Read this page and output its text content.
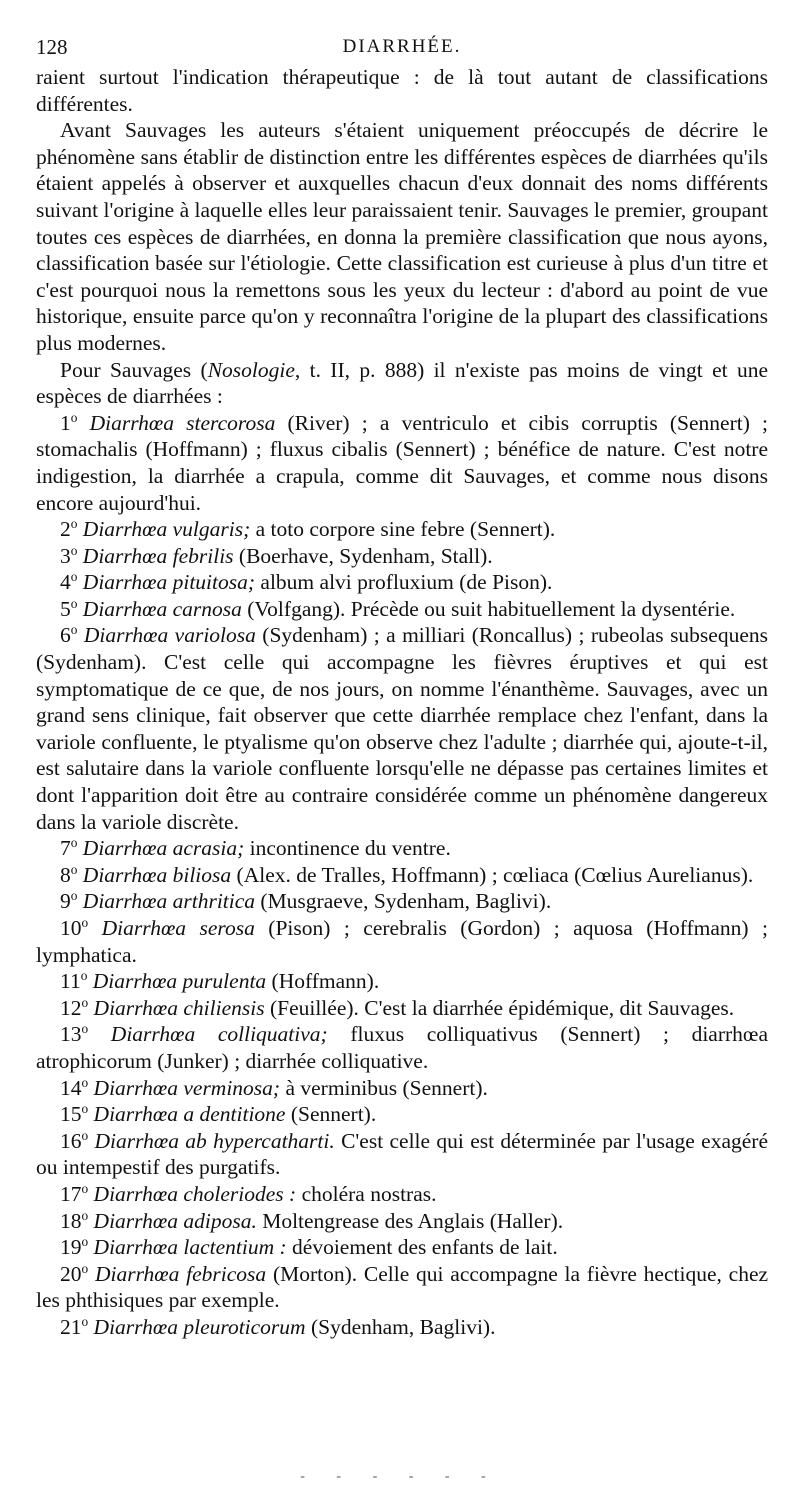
128	DIARRHÉE.

raient surtout l'indication thérapeutique : de là tout autant de classifications différentes.

Avant Sauvages les auteurs s'étaient uniquement préoccupés de décrire le phénomène sans établir de distinction entre les différentes espèces de diarrhées qu'ils étaient appelés à observer et auxquelles chacun d'eux donnait des noms différents suivant l'origine à laquelle elles leur paraissaient tenir. Sauvages le premier, groupant toutes ces espèces de diarrhées, en donna la première classification que nous ayons, classification basée sur l'étiologie. Cette classification est curieuse à plus d'un titre et c'est pourquoi nous la remettons sous les yeux du lecteur : d'abord au point de vue historique, ensuite parce qu'on y reconnaîtra l'origine de la plupart des classifications plus modernes.

Pour Sauvages (Nosologie, t. II, p. 888) il n'existe pas moins de vingt et une espèces de diarrhées :

1$^o$ Diarrhœa stercorosa (River) ; a ventriculo et cibis corruptis (Sennert) ; stomachalis (Hoffmann) ; fluxus cibalis (Sennert) ; bénéfice de nature. C'est notre indigestion, la diarrhée a crapula, comme dit Sauvages, et comme nous disons encore aujourd'hui.

2$^o$ Diarrhœa vulgaris; a toto corpore sine febre (Sennert).

3$^o$ Diarrhœa febrilis (Boerhave, Sydenham, Stall).

4$^o$ Diarrhœa pituitosa; album alvi profluxium (de Pison).

5$^o$ Diarrhœa carnosa (Volfgang). Précède ou suit habituellement la dysentérie.

6$^o$ Diarrhœa variolosa (Sydenham) ; a milliari (Roncallus) ; rubeolas subsequens (Sydenham). C'est celle qui accompagne les fièvres éruptives et qui est symptomatique de ce que, de nos jours, on nomme l'énanthème. Sauvages, avec un grand sens clinique, fait observer que cette diarrhée remplace chez l'enfant, dans la variole confluente, le ptyalisme qu'on observe chez l'adulte ; diarrhée qui, ajoute-t-il, est salutaire dans la variole confluente lorsqu'elle ne dépasse pas certaines limites et dont l'apparition doit être au contraire considérée comme un phénomène dangereux dans la variole discrète.

7$^o$ Diarrhœa acrasia; incontinence du ventre.

8$^o$ Diarrhœa biliosa (Alex. de Tralles, Hoffmann) ; cœliaca (Cœlius Aurelianus).

9$^o$ Diarrhœa arthritica (Musgraeve, Sydenham, Baglivi).

10$^o$ Diarrhœa serosa (Pison) ; cerebralis (Gordon) ; aquosa (Hoffmann) ; lymphatica.

11$^o$ Diarrhœa purulenta (Hoffmann).

12$^o$ Diarrhœa chiliensis (Feuillée). C'est la diarrhée épidémique, dit Sauvages.

13$^o$ Diarrhœa colliquativa; fluxus colliquativus (Sennert) ; diarrhœa atrophicorum (Junker) ; diarrhée colliquative.

14$^o$ Diarrhœa verminosa; à verminibus (Sennert).

15$^o$ Diarrhœa a dentitione (Sennert).

16$^o$ Diarrhœa ab hypercatharti. C'est celle qui est déterminée par l'usage exagéré ou intempestif des purgatifs.

17$^o$ Diarrhœa choleriodes : choléra nostras.

18$^o$ Diarrhœa adiposa. Moltengrease des Anglais (Haller).

19$^o$ Diarrhœa lactentium : dévoiement des enfants de lait.

20$^o$ Diarrhœa febricosa (Morton). Celle qui accompagne la fièvre hectique, chez les phthisiques par exemple.

21$^o$ Diarrhœa pleuroticorum (Sydenham, Baglivi).

- - - - - -
